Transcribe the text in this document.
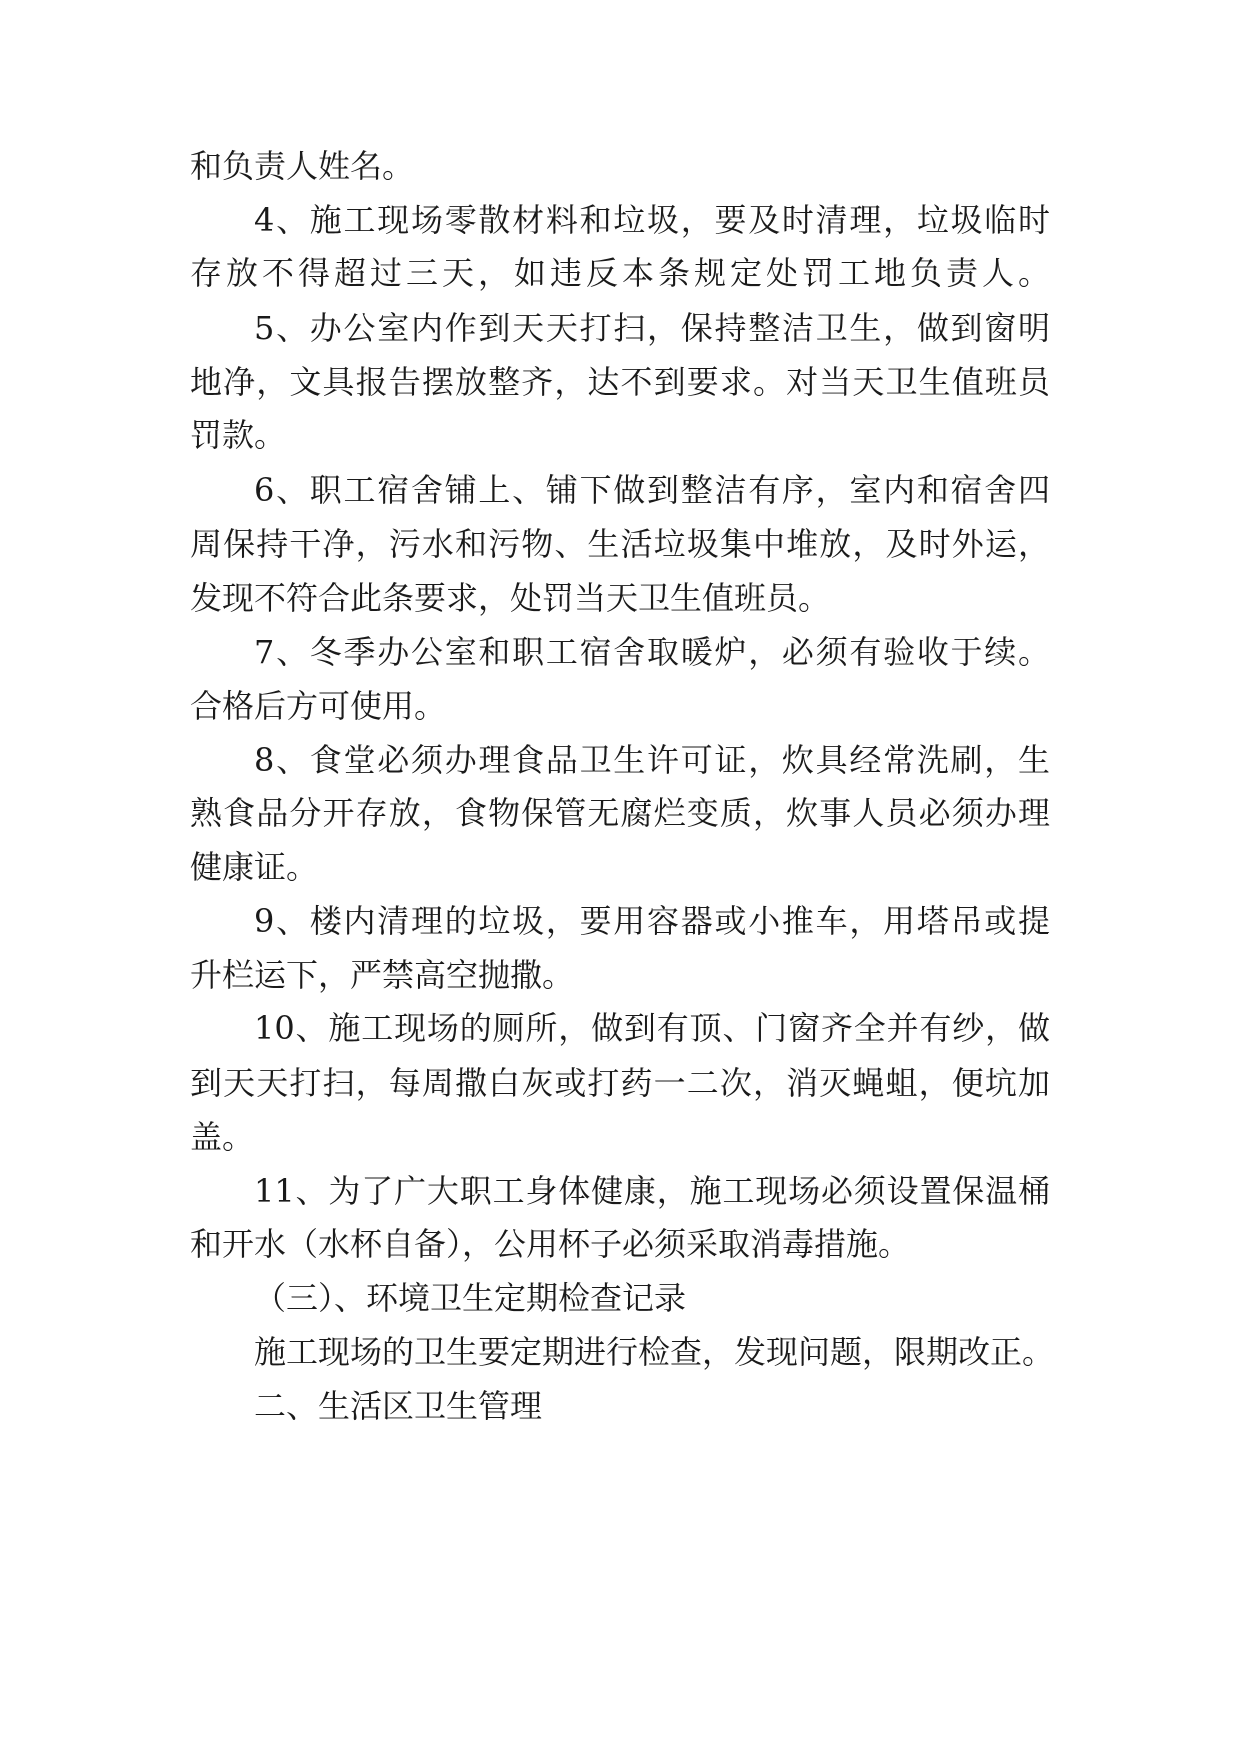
和负责人姓名。

4、施工现场零散材料和垃圾，要及时清理，垃圾临时

存放不得超过三天，如违反本条规定处罚工地负责人。

5、办公室内作到天天打扫，保持整洁卫生，做到窗明

地净，文具报告摆放整齐，达不到要求。对当天卫生值班员

罚款。

6、职工宿舍铺上、铺下做到整洁有序，室内和宿舍四

周保持干净，污水和污物、生活垃圾集中堆放，及时外运，

发现不符合此条要求，处罚当天卫生值班员。

7、冬季办公室和职工宿舍取暖炉，必须有验收于续。

合格后方可使用。

8、食堂必须办理食品卫生许可证，炊具经常洗刷，生

熟食品分开存放，食物保管无腐烂变质，炊事人员必须办理

健康证。

9、楼内清理的垃圾，要用容器或小推车，用塔吊或提

升栏运下，严禁高空抛撒。

10、施工现场的厕所，做到有顶、门窗齐全并有纱，做

到天天打扫，每周撒白灰或打药一二次，消灭蝇蛆，便坑加

盖。

11、为了广大职工身体健康，施工现场必须设置保温桶

和开水（水杯自备），公用杯子必须采取消毒措施。

（三）、环境卫生定期检查记录

施工现场的卫生要定期进行检查，发现问题，限期改正。

二、生活区卫生管理
